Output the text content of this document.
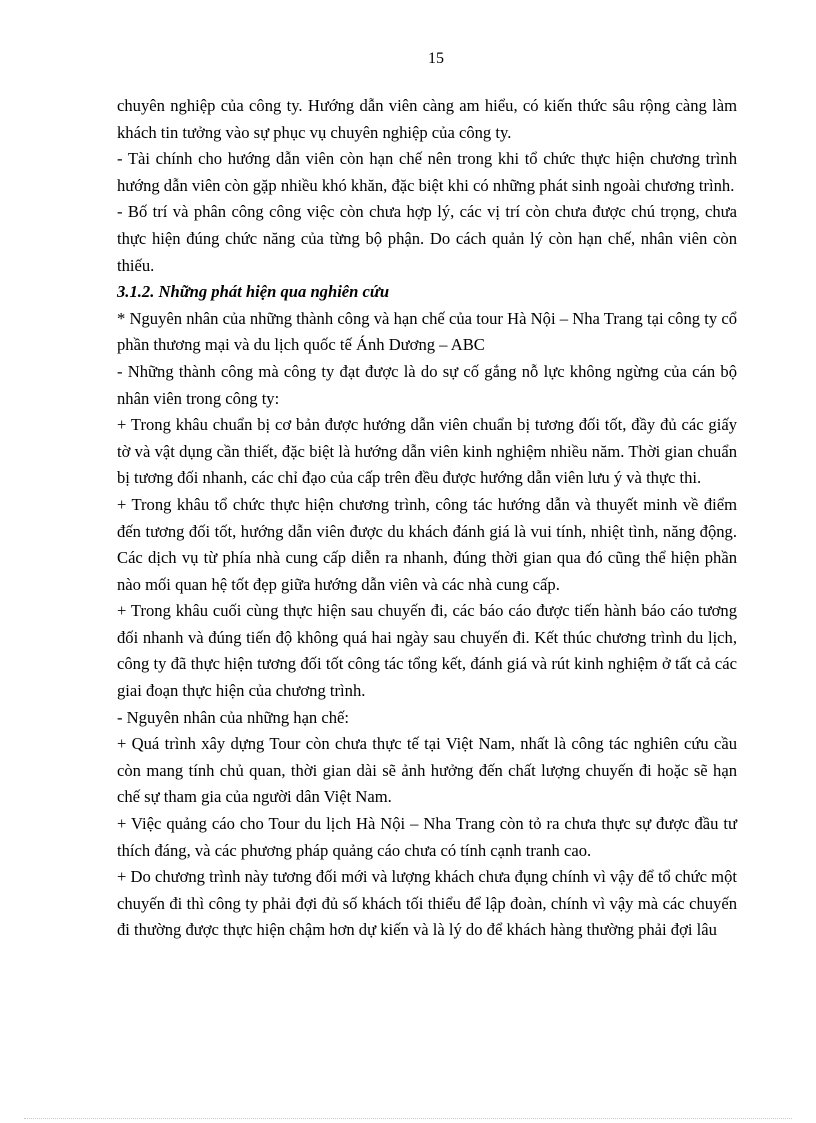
15

chuyên nghiệp của công ty. Hướng dẫn viên càng am hiểu, có kiến thức sâu rộng càng làm khách tin tưởng vào sự phục vụ chuyên nghiệp của công ty.

- Tài chính cho hướng dẫn viên còn hạn chế nên trong khi tổ chức thực hiện chương trình hướng dẫn viên còn gặp nhiều khó khăn, đặc biệt khi có những phát sinh ngoài chương trình.

- Bố trí và phân công công việc còn chưa hợp lý, các vị trí còn chưa được chú trọng, chưa thực hiện đúng chức năng của từng bộ phận. Do cách quản lý còn hạn chế, nhân viên còn thiếu.

3.1.2. Những phát hiện qua nghiên cứu

* Nguyên nhân của những thành công và hạn chế của tour Hà Nội – Nha Trang tại công ty cổ phần thương mại và du lịch quốc tế Ánh Dương – ABC

- Những thành công mà công ty đạt được là do sự cố gắng nỗ lực không ngừng của cán bộ nhân viên trong công ty:

+ Trong khâu chuẩn bị cơ bản được hướng dẫn viên chuẩn bị tương đối tốt, đầy đủ các giấy tờ và vật dụng cần thiết, đặc biệt là hướng dẫn viên kinh nghiệm nhiều năm. Thời gian chuẩn bị tương đối nhanh, các chỉ đạo của cấp trên đều được hướng dẫn viên lưu ý và thực thi.

+ Trong khâu tổ chức thực hiện chương trình, công tác hướng dẫn và thuyết minh về điểm đến tương đối tốt, hướng dẫn viên được du khách đánh giá là vui tính, nhiệt tình, năng động. Các dịch vụ từ phía nhà cung cấp diễn ra nhanh, đúng thời gian qua đó cũng thể hiện phần nào mối quan hệ tốt đẹp giữa hướng dẫn viên và các nhà cung cấp.

+ Trong khâu cuối cùng thực hiện sau chuyến đi, các báo cáo được tiến hành báo cáo tương đối nhanh và đúng tiến độ không quá hai ngày sau chuyến đi. Kết thúc chương trình du lịch, công ty đã thực hiện tương đối tốt công tác tổng kết, đánh giá và rút kinh nghiệm ở tất cả các giai đoạn thực hiện của chương trình.

- Nguyên nhân của những hạn chế:

+ Quá trình xây dựng Tour còn chưa thực tế tại Việt Nam, nhất là công tác nghiên cứu cầu còn mang tính chủ quan, thời gian dài sẽ ảnh hưởng đến chất lượng chuyến đi hoặc sẽ hạn chế sự tham gia của người dân Việt Nam.

+ Việc quảng cáo cho Tour du lịch Hà Nội – Nha Trang còn tỏ ra chưa thực sự được đầu tư thích đáng, và các phương pháp quảng cáo chưa có tính cạnh tranh cao.

+ Do chương trình này tương đối mới và lượng khách chưa đụng chính vì vậy để tổ chức một chuyến đi thì công ty phải đợi đủ số khách tối thiểu để lập đoàn, chính vì vậy mà các chuyến đi thường được thực hiện chậm hơn dự kiến và là lý do để khách hàng thường phải đợi lâu
